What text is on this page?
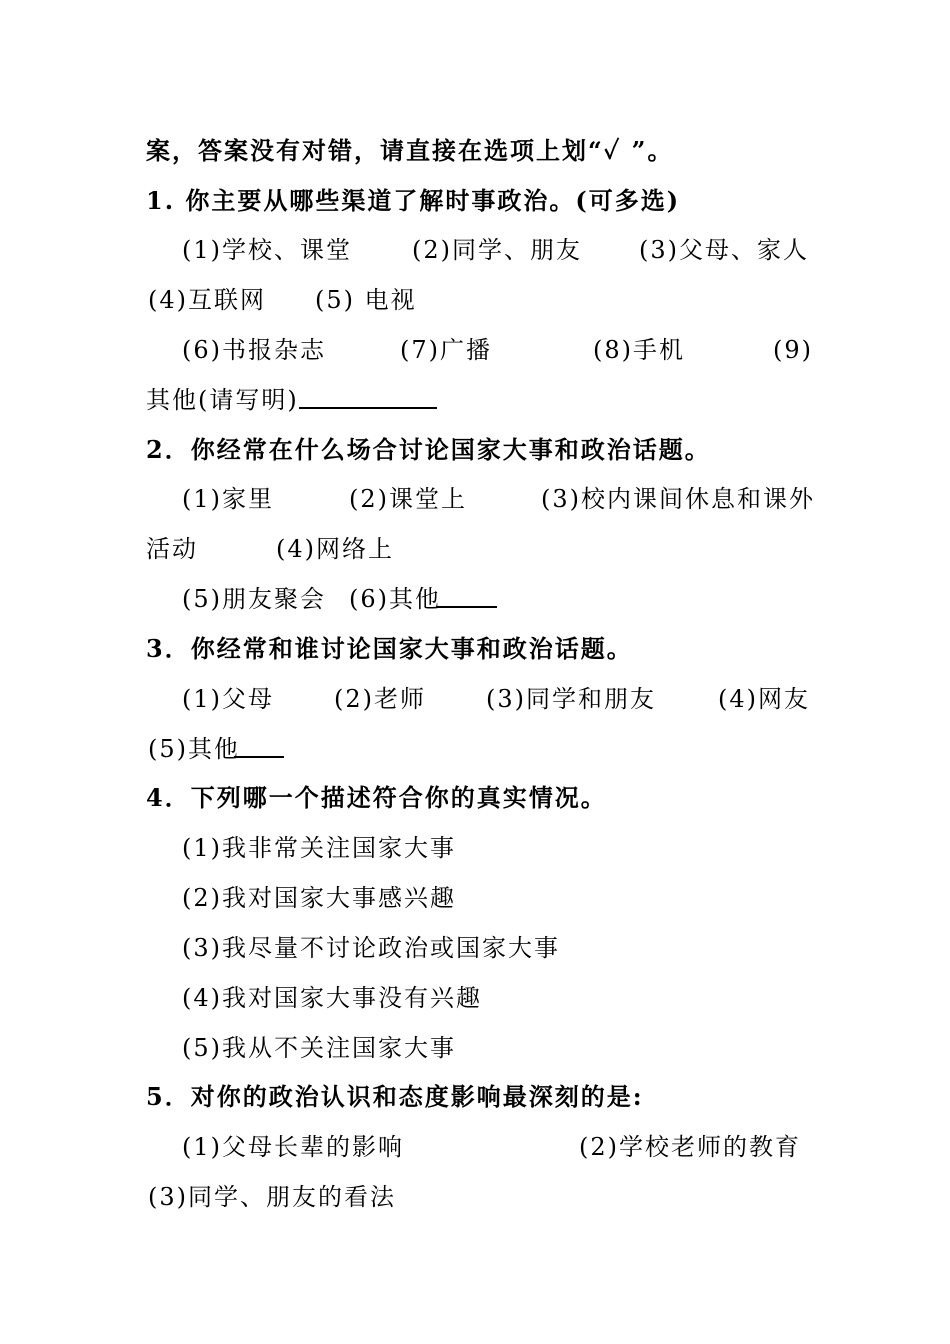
案，答案没有对错，请直接在选项上划“✓ ”。
1. 你主要从哪些渠道了解时事政治。(可多选)
(1)学校、课堂	(2)同学、朋友 (3)父母、家人
(4)互联网 (5) 电视
(6)书报杂志	(7)广播	(8)手机	(9)
其他(请写明)
2．你经常在什么场合讨论国家大事和政治话题。
(1)家里	(2)课堂上	(3)校内课间休息和课外
活动	(4)网络上
(5)朋友聚会 (6)其他
3．你经常和谁讨论国家大事和政治话题。
(1)父母	(2)老师	(3)同学和朋友	(4)网友
(5)其他
4．下列哪一个描述符合你的真实情况。
(1)我非常关注国家大事
(2)我对国家大事感兴趣
(3)我尽量不讨论政治或国家大事
(4)我对国家大事没有兴趣
(5)我从不关注国家大事
5．对你的政治认识和态度影响最深刻的是:
(1)父母长辈的影响	(2)学校老师的教育
(3)同学、朋友的看法
